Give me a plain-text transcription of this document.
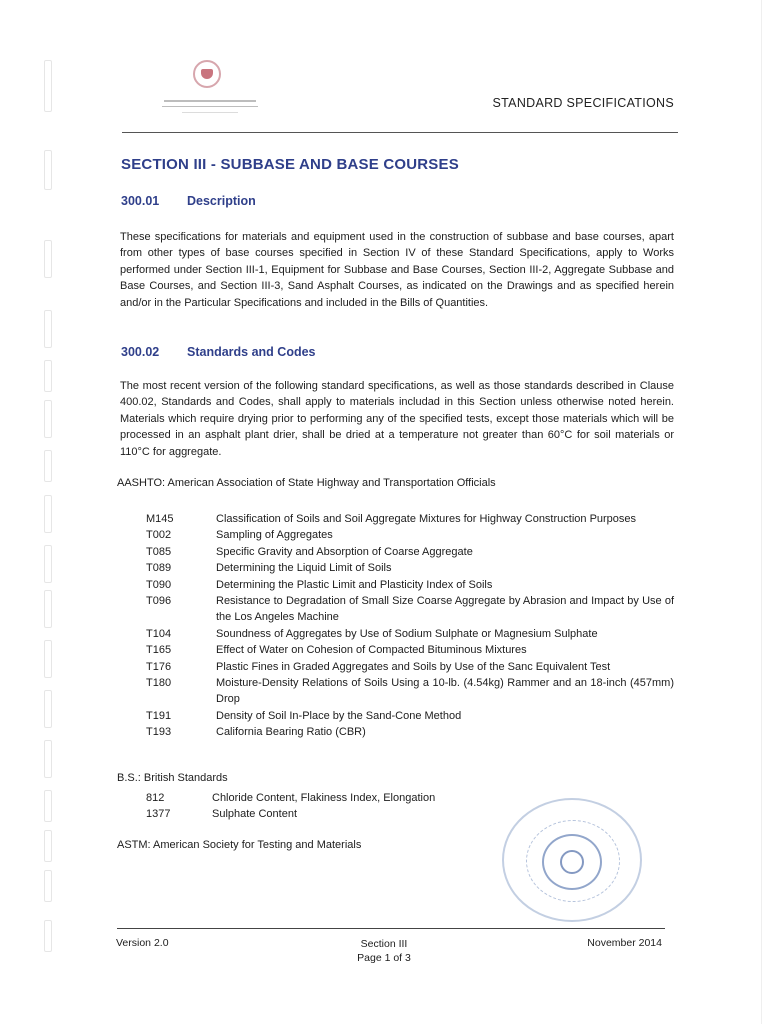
STANDARD SPECIFICATIONS
SECTION III - SUBBASE AND BASE COURSES
300.01 Description
These specifications for materials and equipment used in the construction of subbase and base courses, apart from other types of base courses specified in Section IV of these Standard Specifications, apply to Works performed under Section III-1, Equipment for Subbase and Base Courses, Section III-2, Aggregate Subbase and Base Courses, and Section III-3, Sand Asphalt Courses, as indicated on the Drawings and as specified herein and/or in the Particular Specifications and included in the Bills of Quantities.
300.02 Standards and Codes
The most recent version of the following standard specifications, as well as those standards described in Clause 400.02, Standards and Codes, shall apply to materials includad in this Section unless otherwise noted herein. Materials which require drying prior to performing any of the specified tests, except those materials which will be processed in an asphalt plant drier, shall be dried at a temperature not greater than 60°C for soil materials or 110°C for aggregate.
AASHTO: American Association of State Highway and Transportation Officials
M145	Classification of Soils and Soil Aggregate Mixtures for Highway Construction Purposes
T002	Sampling of Aggregates
T085	Specific Gravity and Absorption of Coarse Aggregate
T089	Determining the Liquid Limit of Soils
T090	Determining the Plastic Limit and Plasticity Index of Soils
T096	Resistance to Degradation of Small Size Coarse Aggregate by Abrasion and Impact by Use of the Los Angeles Machine
T104	Soundness of Aggregates by Use of Sodium Sulphate or Magnesium Sulphate
T165	Effect of Water on Cohesion of Compacted Bituminous Mixtures
T176	Plastic Fines in Graded Aggregates and Soils by Use of the Sanc Equivalent Test
T180	Moisture-Density Relations of Soils Using a 10-lb. (4.54kg) Rammer and an 18-inch (457mm) Drop
T191	Density of Soil In-Place by the Sand-Cone Method
T193	California Bearing Ratio (CBR)
B.S.: British Standards
812	Chloride Content, Flakiness Index, Elongation
1377	Sulphate Content
ASTM: American Society for Testing and Materials
Version 2.0	Section III
Page 1 of 3
November 2014
